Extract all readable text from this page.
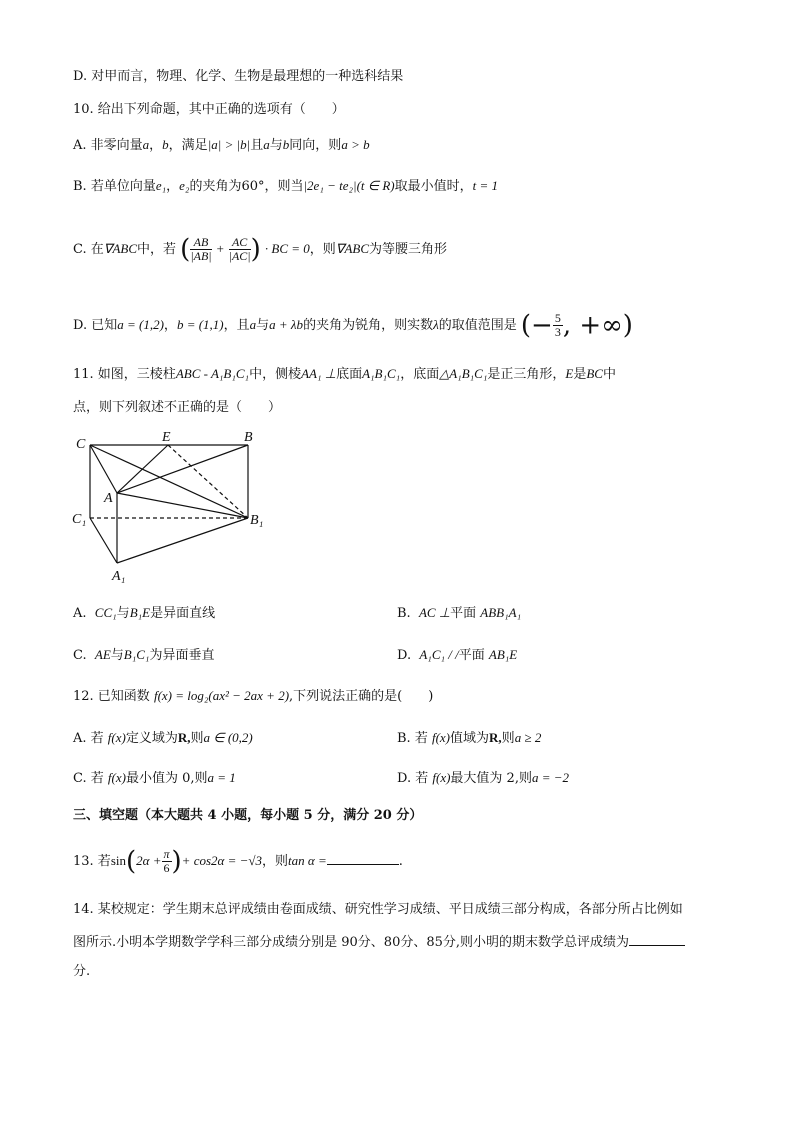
D. 对甲而言，物理、化学、生物是最理想的一种选科结果
10. 给出下列命题，其中正确的选项有（　　）
A. 非零向量a，b，满足|a| > |b|且a与b同向，则a > b
B. 若单位向量e₁，e₂的夹角为60°，则当|2e₁ − te₂|(t ∈ R)取最小值时，t = 1
C. 在∇ABC中，若 ( $\frac{AB}{|AB|} + \frac{AC}{|AC|}$ ) · BC = 0，则∇ABC为等腰三角形
D. 已知a = (1,2)，b = (1,1)，且a与a + λb的夹角为锐角，则实数λ的取值范围是 (− $\frac{5}{3}$ , +∞)
11. 如图，三棱柱ABC - A₁B₁C₁中，侧棱AA₁ ⊥底面A₁B₁C₁，底面△A₁B₁C₁是正三角形，E是BC中
点，则下列叙述不正确的是（　　）
C	E	B
A
C₁	B₁
A₁
A. CC₁与B₁E是异面直线	B. AC ⊥平面 ABB₁A₁
C. AE与B₁C₁为异面垂直	D. A₁C₁ / /平面 AB₁E
12. 已知函数 f(x) = log₂(ax² − 2ax + 2),下列说法正确的是(　　)
A. 若 f(x)定义域为R,则a ∈ (0,2)	B. 若 f(x)值域为R,则a ≥ 2
C. 若 f(x)最小值为 0,则a = 1	D. 若 f(x)最大值为 2,则a = −2
三、填空题（本大题共 4 小题，每小题 5 分，满分 20 分）
13. 若$\sin(2\alpha + \frac{\pi}{6}$ )+ cos2α = −√3，则tan α =	.
14. 某校规定：学生期末总评成绩由卷面成绩、研究性学习成绩、平日成绩三部分构成，各部分所占比例如
图所示.小明本学期数学学科三部分成绩分别是 90分、80分、85分,则小明的期末数学总评成绩为
分.
